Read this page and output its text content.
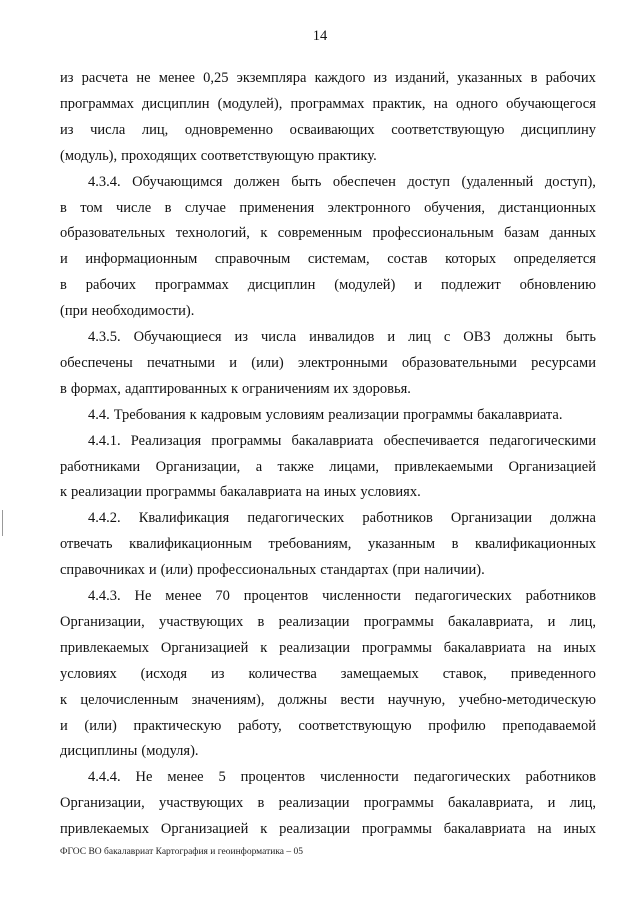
14
из расчета не менее 0,25 экземпляра каждого из изданий, указанных в рабочих
программах дисциплин (модулей), программах практик, на одного обучающегося
из числа лиц, одновременно осваивающих соответствующую дисциплину
(модуль), проходящих соответствующую практику.
4.3.4. Обучающимся должен быть обеспечен доступ (удаленный доступ),
в том числе в случае применения электронного обучения, дистанционных
образовательных технологий, к современным профессиональным базам данных
и информационным справочным системам, состав которых определяется
в рабочих программах дисциплин (модулей) и подлежит обновлению
(при необходимости).
4.3.5. Обучающиеся из числа инвалидов и лиц с ОВЗ должны быть
обеспечены печатными и (или) электронными образовательными ресурсами
в формах, адаптированных к ограничениям их здоровья.
4.4. Требования к кадровым условиям реализации программы бакалавриата.
4.4.1. Реализация программы бакалавриата обеспечивается педагогическими
работниками Организации, а также лицами, привлекаемыми Организацией
к реализации программы бакалавриата на иных условиях.
4.4.2. Квалификация педагогических работников Организации должна
отвечать квалификационным требованиям, указанным в квалификационных
справочниках и (или) профессиональных стандартах (при наличии).
4.4.3. Не менее 70 процентов численности педагогических работников
Организации, участвующих в реализации программы бакалавриата, и лиц,
привлекаемых Организацией к реализации программы бакалавриата на иных
условиях (исходя из количества замещаемых ставок, приведенного
к целочисленным значениям), должны вести научную, учебно-методическую
и (или) практическую работу, соответствующую профилю преподаваемой
дисциплины (модуля).
4.4.4. Не менее 5 процентов численности педагогических работников
Организации, участвующих в реализации программы бакалавриата, и лиц,
привлекаемых Организацией к реализации программы бакалавриата на иных
ФГОС ВО бакалавриат Картография и геоинформатика – 05
